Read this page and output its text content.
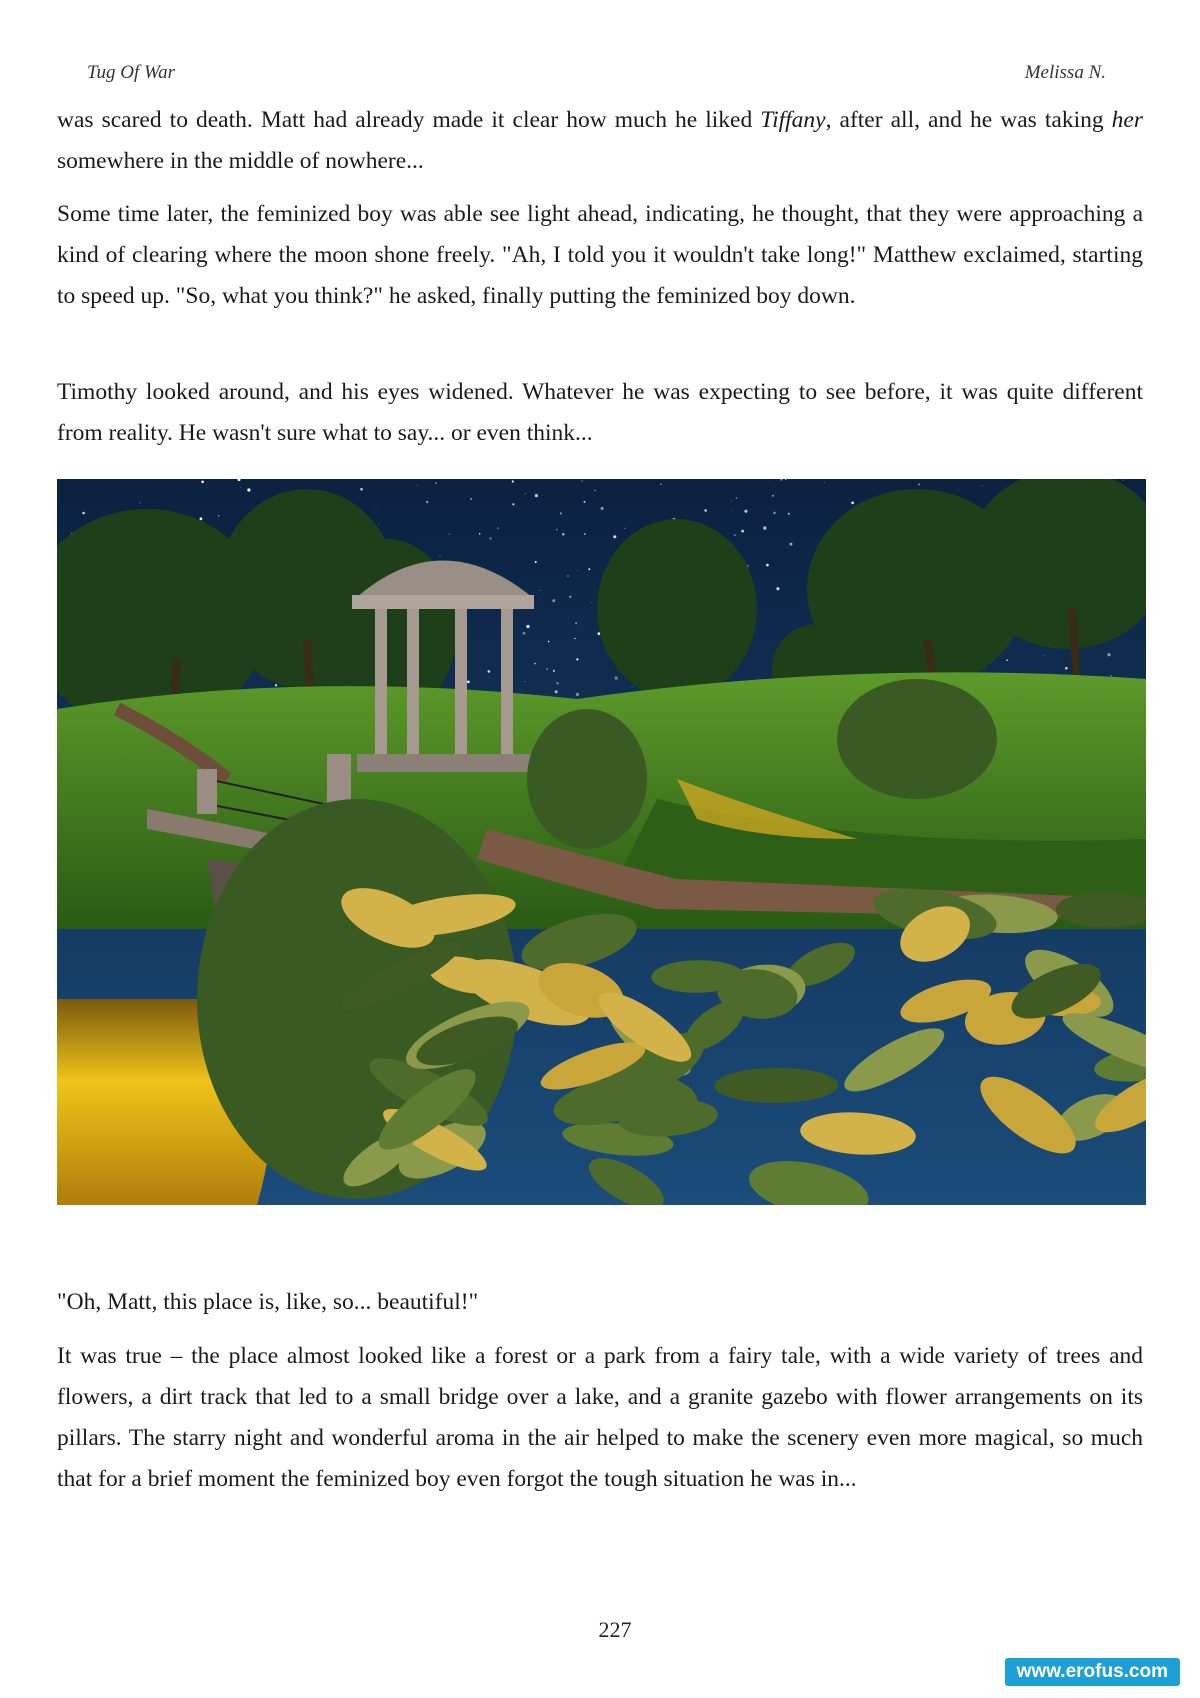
Tug Of War	Melissa N.

was scared to death. Matt had already made it clear how much he liked Tiffany, after all, and he was taking her somewhere in the middle of nowhere...

Some time later, the feminized boy was able see light ahead, indicating, he thought, that they were approaching a kind of clearing where the moon shone freely. "Ah, I told you it wouldn't take long!" Matthew exclaimed, starting to speed up. "So, what you think?" he asked, finally putting the feminized boy down.

Timothy looked around, and his eyes widened. Whatever he was expecting to see before, it was quite different from reality. He wasn't sure what to say... or even think...

"Oh, Matt, this place is, like, so... beautiful!"

It was true – the place almost looked like a forest or a park from a fairy tale, with a wide variety of trees and flowers, a dirt track that led to a small bridge over a lake, and a granite gazebo with flower arrangements on its pillars. The starry night and wonderful aroma in the air helped to make the scenery even more magical, so much that for a brief moment the feminized boy even forgot the tough situation he was in...

227
www.erofus.com
